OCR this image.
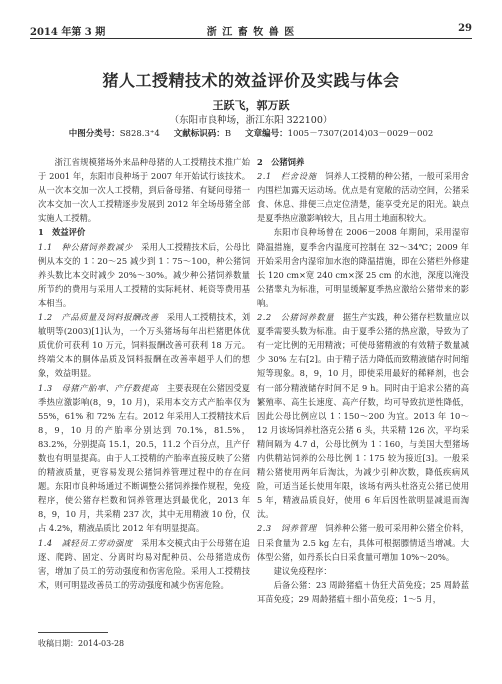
2014 年第 3 期	浙 江 畜 牧 兽 医	29
猪人工授精技术的效益评价及实践与体会
王跃飞，郭万跃
（东阳市良种场，浙江东阳 322100）
中图分类号：S828.3⁺4 文献标识码：B 文章编号：1005－7307(2014)03－0029－002

浙江省规模猪场外来品种母猪的人工授精技术推广始于 2001 年，东阳市良种场于 2007 年开始试行该技术。从一次本交加一次人工授精，到后备母猪、有疑问母猪一次本交加一次人工授精逐步发展到 2012 年全场母猪全部实施人工授精。

1　效益评价

1.1　种公猪饲养数减少　 采用人工授精技术后，公母比例从本交的 1∶20～25 减少到 1∶75～100，种公猪饲养头数比本交时减少 20%～30%。减少种公猪饲养数量所节约的费用与采用人工授精的实际耗材、耗资等费用基本相当。

1.2　产品质量及饲料报酬改善　 采用人工授精技术，刘敏明等(2003)[1]认为，一个万头猪场每年出栏猪肥体优质优价可获利 10 万元，饲料报酬改善可获利 18 万元。终端父本的胴体品质及饲料报酬在改善率超乎人们的想象，效益明显。

1.3　母猪产胎率、产仔数提高　 主要表现在公猪因受夏季热应激影响(8，9，10 月)，采用本交方式产胎率仅为 55%，61% 和 72% 左右。2012 年采用人工授精技术后 8，9，10 月的产胎率分别达到 70.1%，81.5%，83.2%，分别提高 15.1，20.5，11.2 个百分点，且产仔数也有明显提高。由于人工授精的产胎率直接反映了公猪的精液质量，更容易发现公猪饲养管理过程中的存在问题。东阳市良种场通过不断调整公猪饲养操作规程，免疫程序，使公猪存栏数和饲养管理达到最优化，2013 年 8，9，10 月，共采精 237 次，其中无用精液 10 份，仅占 4.2%，精液品质比 2012 年有明显提高。

1.4　减轻员工劳动强度　 采用本交模式由于公母猪在追逐、爬跨、固定、分离时均易对配种员、公母猪造成伤害，增加了员工的劳动强度和伤害危险。采用人工授精技术，则可明显改善员工的劳动强度和减少伤害危险。

2　公猪饲养

2.1　栏舍设施　 饲养人工授精的种公猪，一般可采用舍内围栏加露天运动场。优点是有宽敞的活动空间，公猪采食、休息、排便三点定位清楚，能享受充足的阳光。缺点是夏季热应激影响较大，且占用土地面积较大。

东阳市良种场曾在 2006－2008 年期间，采用湿帘降温措施，夏季舍内温度可控制在 32～34℃；2009 年开始采用舍内湿帘加水泡的降温措施，即在公猪栏外修建长 120 cm×宽 240 cm×深 25 cm 的水池，深度以淹没公猪睾丸为标准，可明显缓解夏季热应激给公猪带来的影响。

2.2　公猪饲养数量　 据生产实践，种公猪存栏数量应以夏季需要头数为标准。由于夏季公猪的热应激，导致为了有一定比例的无用精液；可使母猪精液的有效精子数量减少 30% 左右[2]。由于精子活力降低而致精液储存时间缩短等现象。8，9，10 月，即使采用最好的稀释剂，也会有一部分精液储存时间不足 9 h。同时由于追求公猪的高繁殖率、高生长速度、高产仔数，均可导致抗逆性降低，因此公母比例应以 1∶150～200 为宜。2013 年 10～12 月该场饲养杜洛克公猪 6 头，共采精 126 次，平均采精间隔为 4.7 d，公母比例为 1∶160，与美国大型猪场内供精站饲养的公母比例 1∶175 较为接近[3]。一般采精公猪使用两年后淘汰，为减少引种次数，降低疾病风险，可适当延长使用年限，该场有两头杜洛克公猪已使用 5 年，精液品质良好，使用 6 年后因性欲明显减退而淘汰。

2.3　饲养管理　 饲养种公猪一般可采用种公猪全价料，日采食量为 2.5 kg 左右，具体可根据膘情适当增减。大体型公猪，如丹系长白日采食量可增加 10%～20%。

建议免疫程序：

后备公猪：23 周龄猪瘟＋伪狂犬苗免疫；25 周龄蓝耳苗免疫；29 周龄猪瘟＋细小苗免疫；1～5 月，

收稿日期：2014-03-28
